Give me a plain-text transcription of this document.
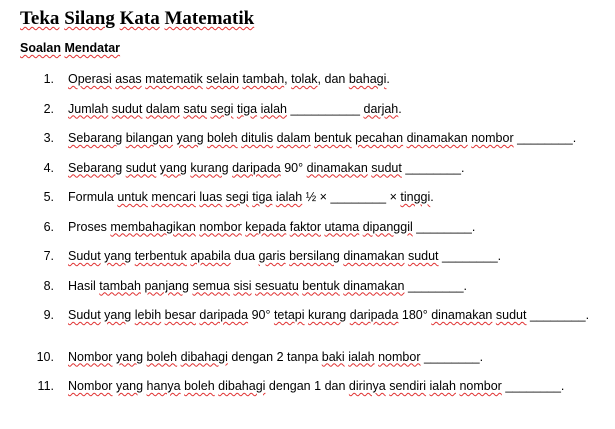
Teka Silang Kata Matematik
Soalan Mendatar
1. Operasi asas matematik selain tambah, tolak, dan bahagi.
2. Jumlah sudut dalam satu segi tiga ialah __________ darjah.
3. Sebarang bilangan yang boleh ditulis dalam bentuk pecahan dinamakan nombor ________.
4. Sebarang sudut yang kurang daripada 90° dinamakan sudut ________.
5. Formula untuk mencari luas segi tiga ialah ½ × ________ × tinggi.
6. Proses membahagikan nombor kepada faktor utama dipanggil ________.
7. Sudut yang terbentuk apabila dua garis bersilang dinamakan sudut ________.
8. Hasil tambah panjang semua sisi sesuatu bentuk dinamakan ________.
9. Sudut yang lebih besar daripada 90° tetapi kurang daripada 180° dinamakan sudut ________.
10. Nombor yang boleh dibahagi dengan 2 tanpa baki ialah nombor ________.
11. Nombor yang hanya boleh dibahagi dengan 1 dan dirinya sendiri ialah nombor ________.
